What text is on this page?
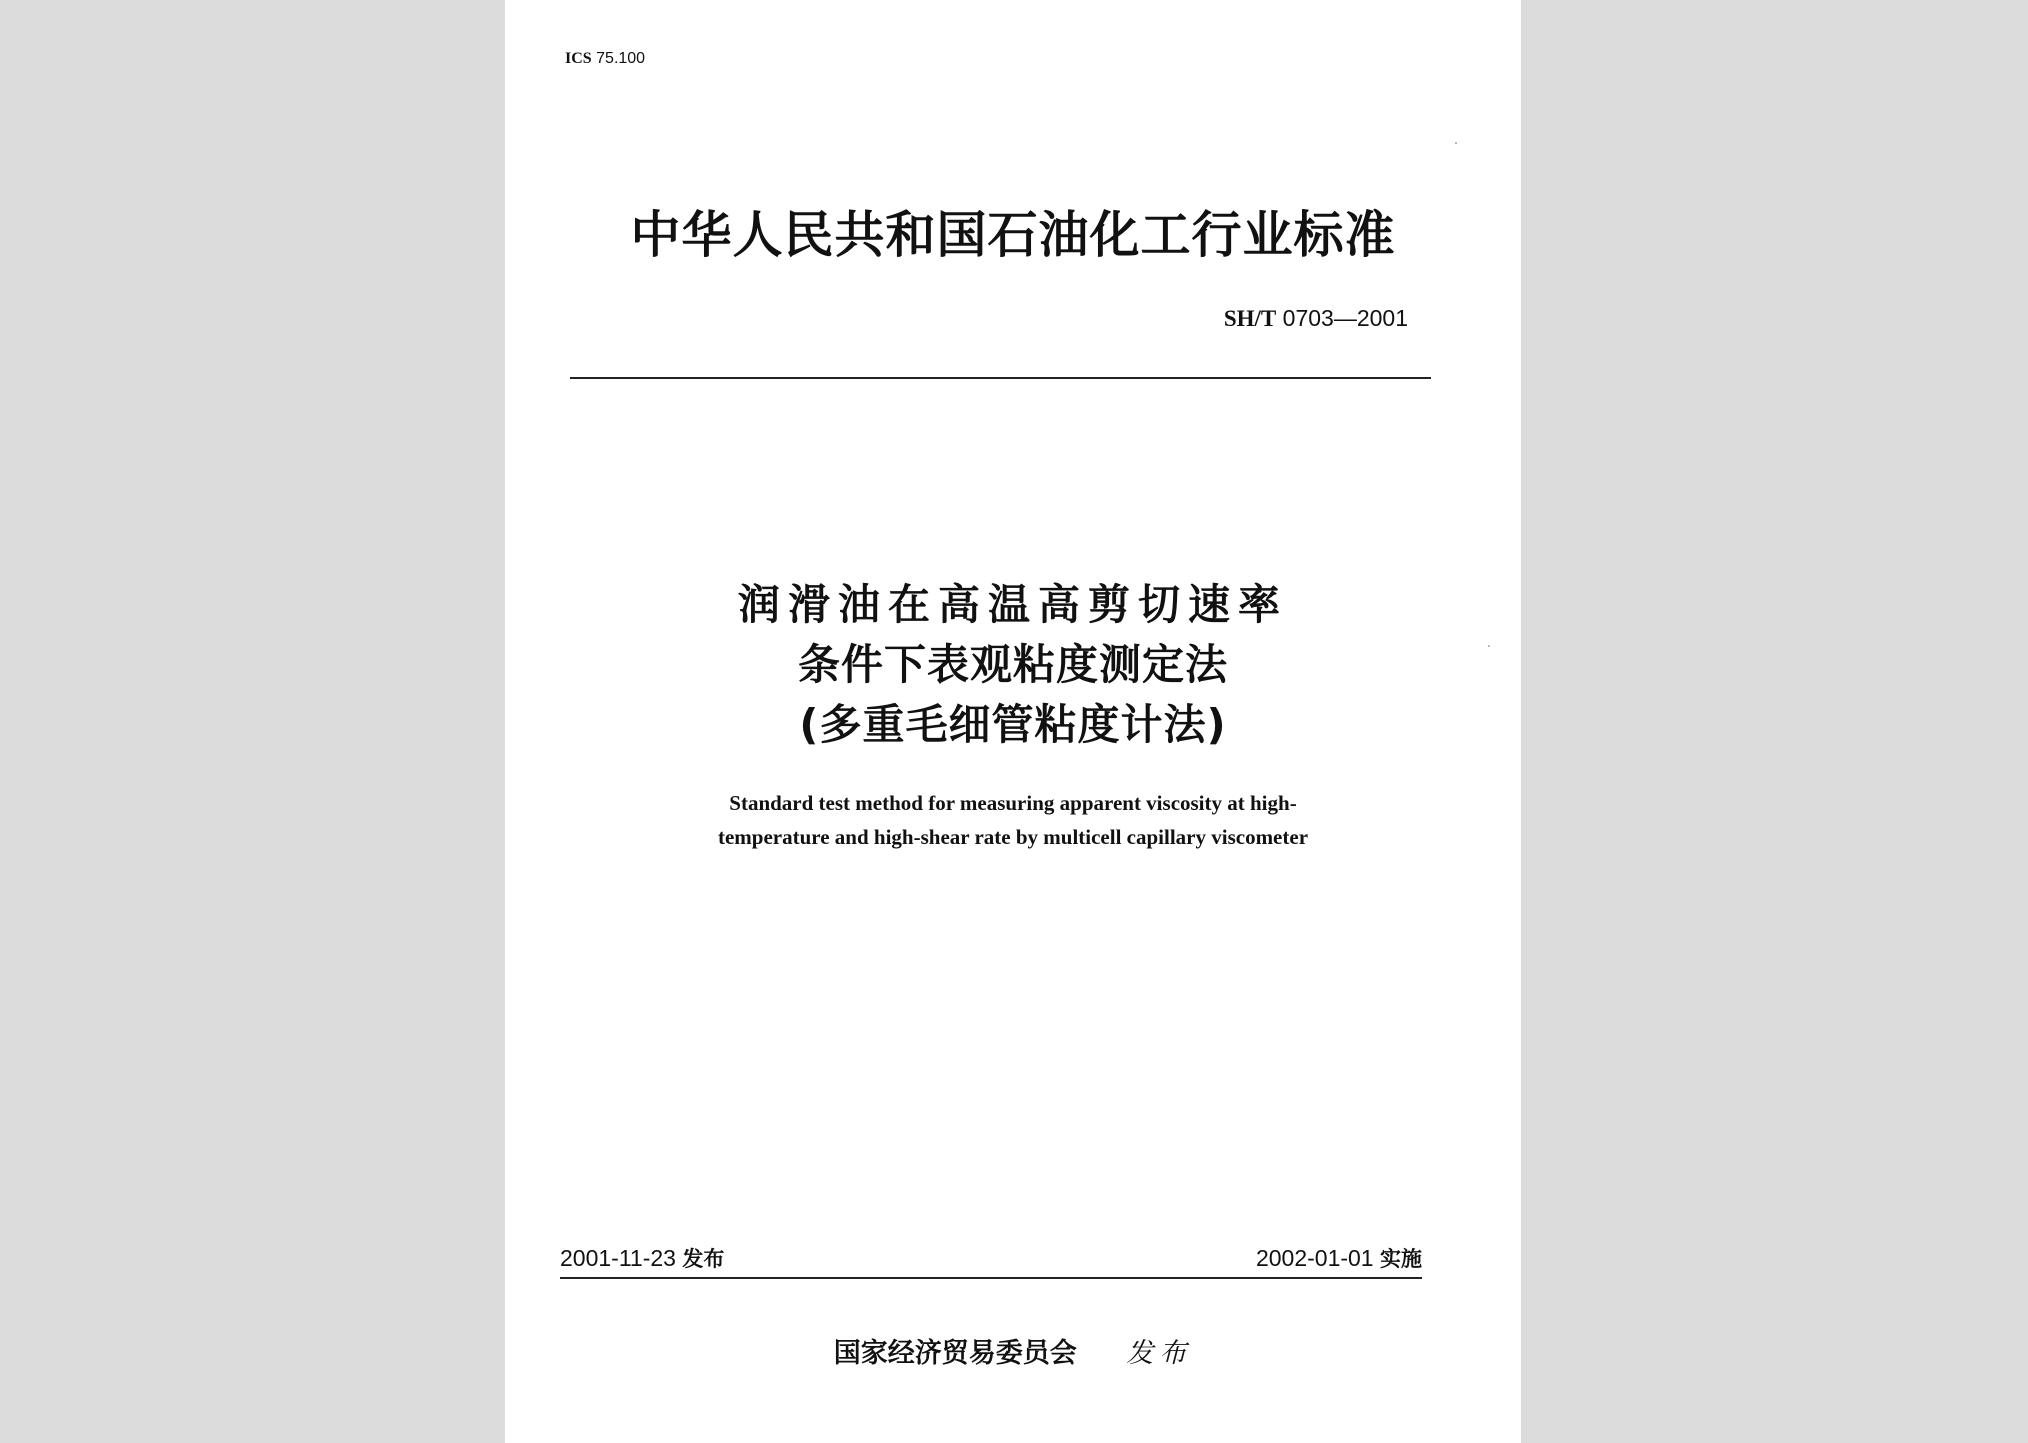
ICS 75.100
中华人民共和国石油化工行业标准
SH/T 0703—2001
润滑油在高温高剪切速率
条件下表观粘度测定法
(多重毛细管粘度计法)
Standard test method for measuring apparent viscosity at high-
temperature and high-shear rate by multicell capillary viscometer
2001-11-23 发布	2002-01-01 实施
国家经济贸易委员会 发布
